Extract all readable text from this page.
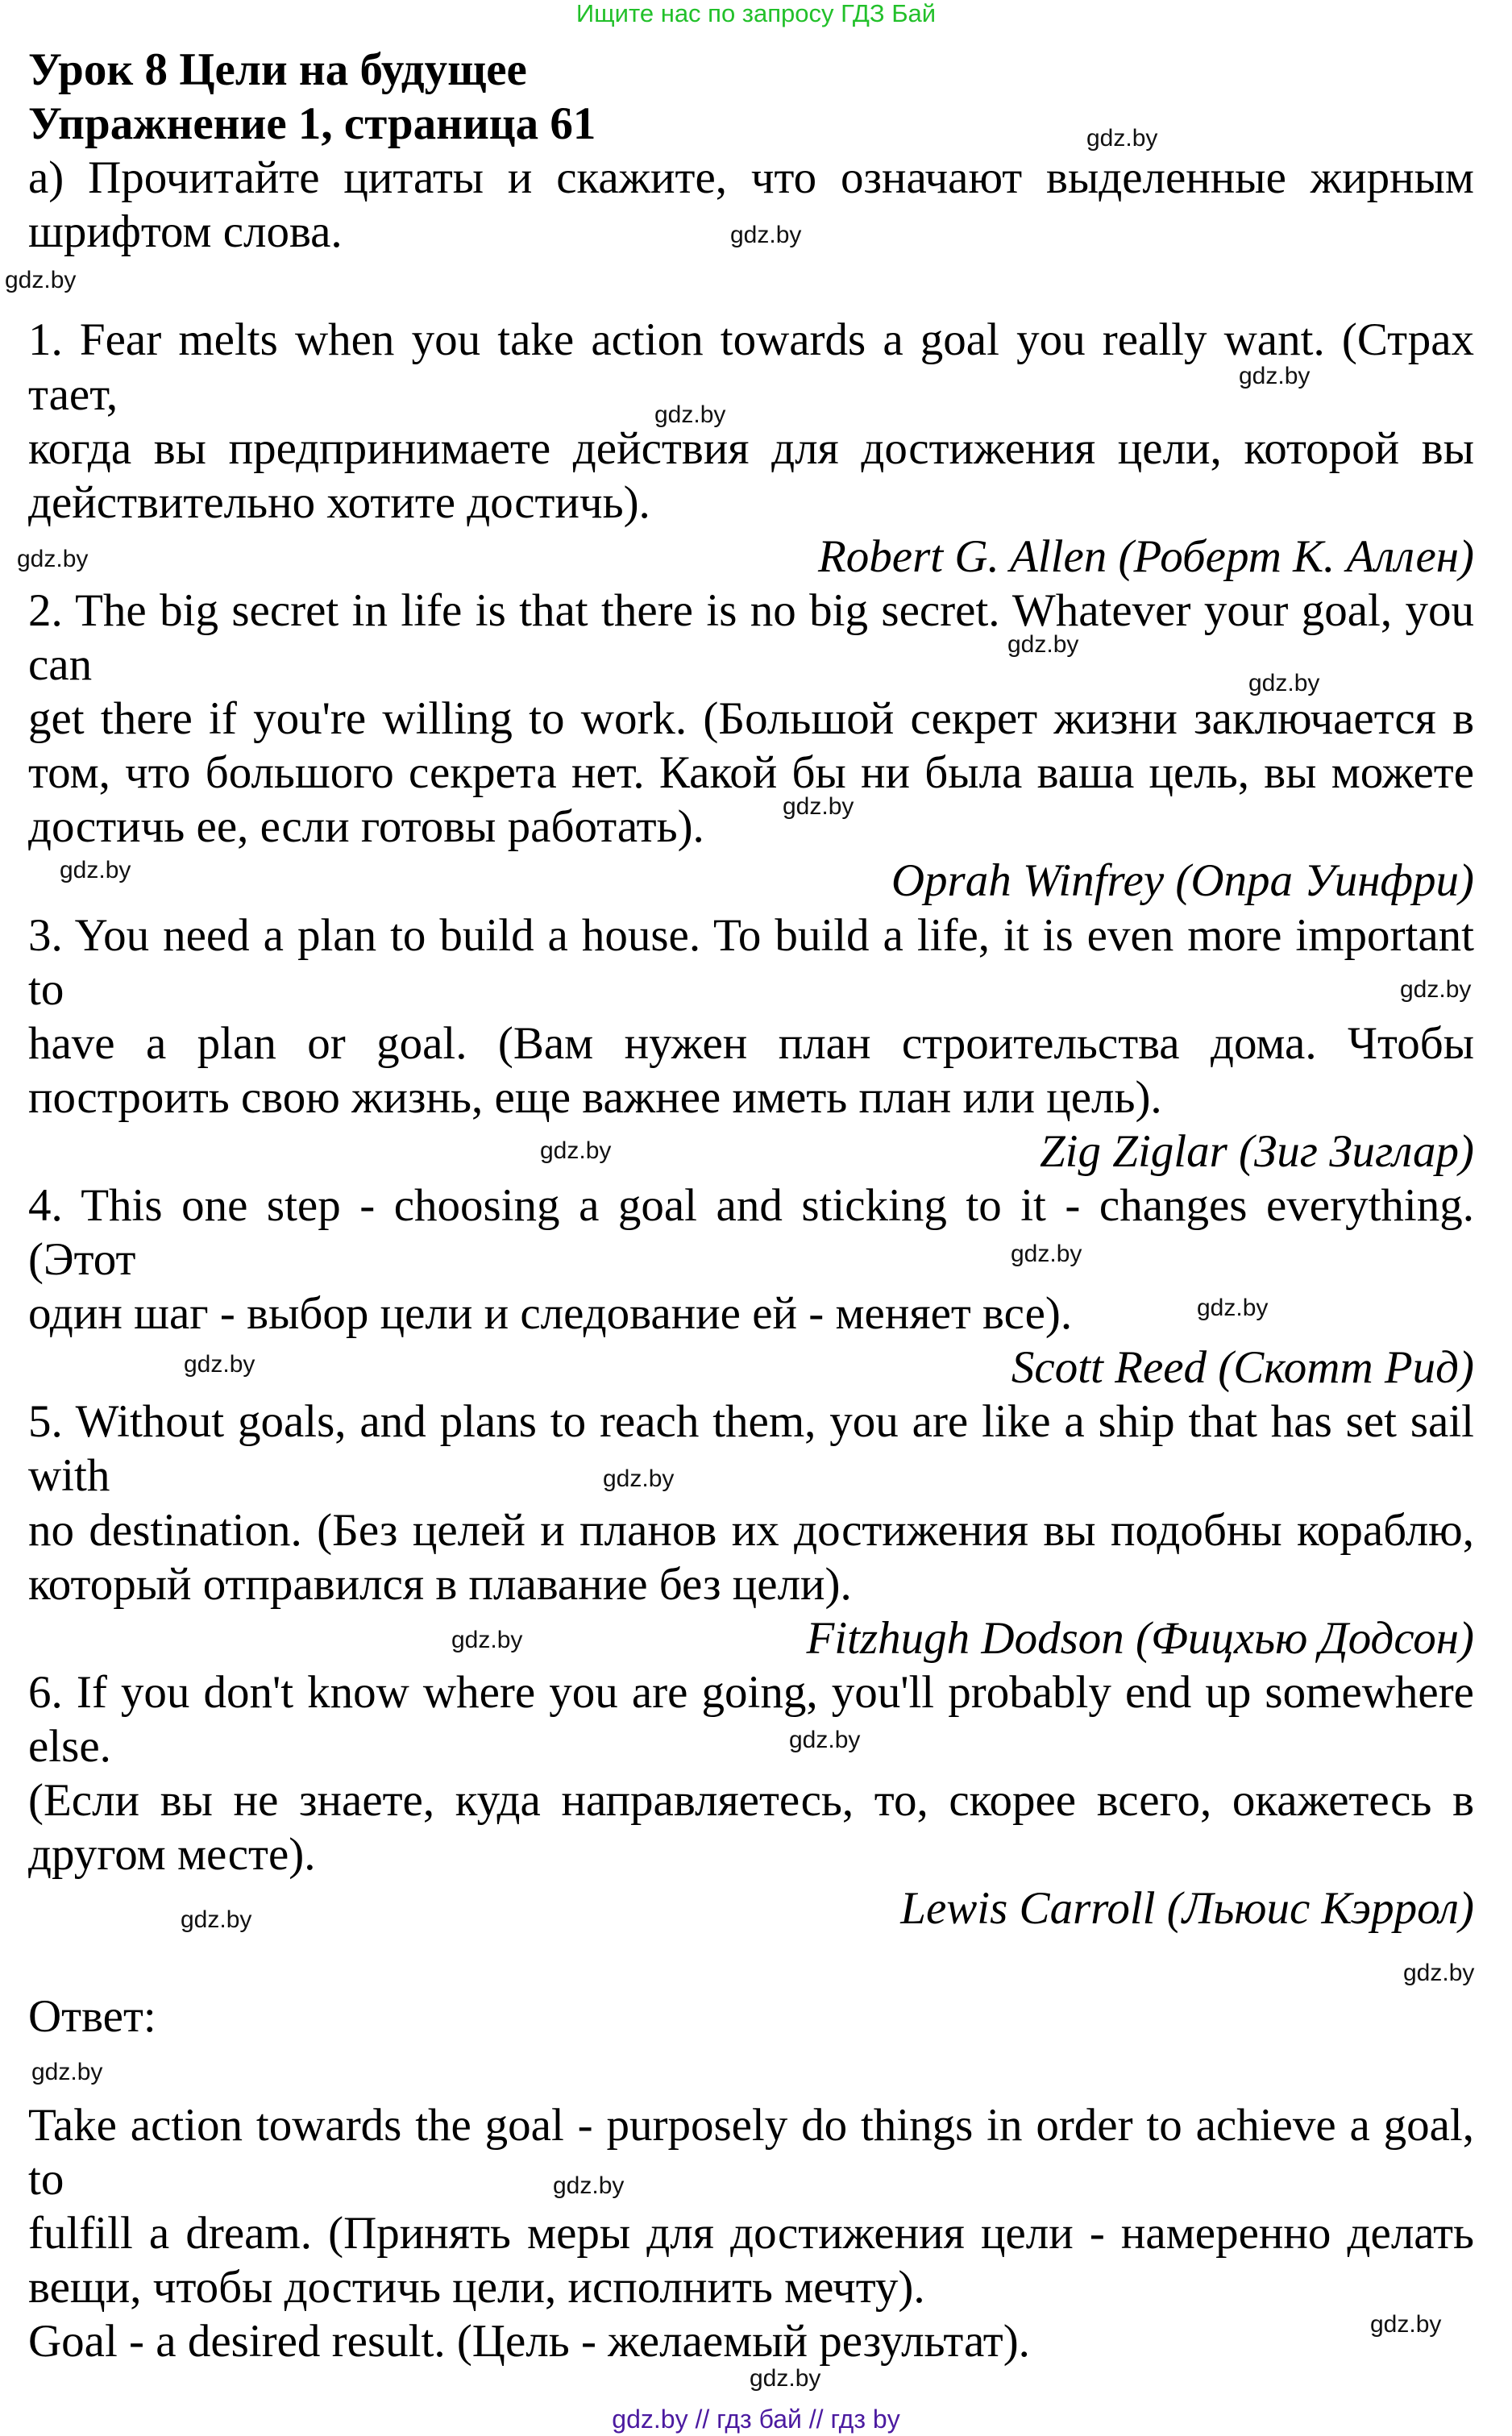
Ищите нас по запросу ГДЗ Бай
Урок 8 Цели на будущее
Упражнение 1, страница 61
а) Прочитайте цитаты и скажите, что означают выделенные жирным
шрифтом слова.
1. Fear melts when you take action towards a goal you really want. (Страх
тает,
когда вы предпринимаете действия для достижения цели, которой вы
действительно хотите достичь).
Robert G. Allen (Роберт К. Аллен)
2. The big secret in life is that there is no big secret. Whatever your goal, you
can
get there if you're willing to work. (Большой секрет жизни заключается в
том, что большого секрета нет. Какой бы ни была ваша цель, вы можете
достичь ее, если готовы работать).
Oprah Winfrey (Опра Уинфри)
3. You need a plan to build a house. To build a life, it is even more important
to
have a plan or goal. (Вам нужен план строительства дома. Чтобы
построить свою жизнь, еще важнее иметь план или цель).
Zig Ziglar (Зиг Зиглар)
4. This one step - choosing a goal and sticking to it - changes everything.
(Этот
один шаг - выбор цели и следование ей - меняет все).
Scott Reed (Скотт Рид)
5. Without goals, and plans to reach them, you are like a ship that has set sail
with
no destination. (Без целей и планов их достижения вы подобны кораблю,
который отправился в плавание без цели).
Fitzhugh Dodson (Фицхью Додсон)
6. If you don't know where you are going, you'll probably end up somewhere
else.
(Если вы не знаете, куда направляетесь, то, скорее всего, окажетесь в
другом месте).
Lewis Carroll (Льюис Кэррол)
Ответ:
Take action towards the goal - purposely do things in order to achieve a goal,
to
fulfill a dream. (Принять меры для достижения цели - намеренно делать
вещи, чтобы достичь цели, исполнить мечту).
Goal - a desired result. (Цель - желаемый результат).
gdz.by
gdz.by
gdz.by
gdz.by
gdz.by
gdz.by
gdz.by
gdz.by
gdz.by
gdz.by
gdz.by
gdz.by
gdz.by
gdz.by
gdz.by
gdz.by
gdz.by
gdz.by
gdz.by
gdz.by
gdz.by
gdz.by
gdz.by
gdz.by
gdz.by // гдз бай // гдз by
